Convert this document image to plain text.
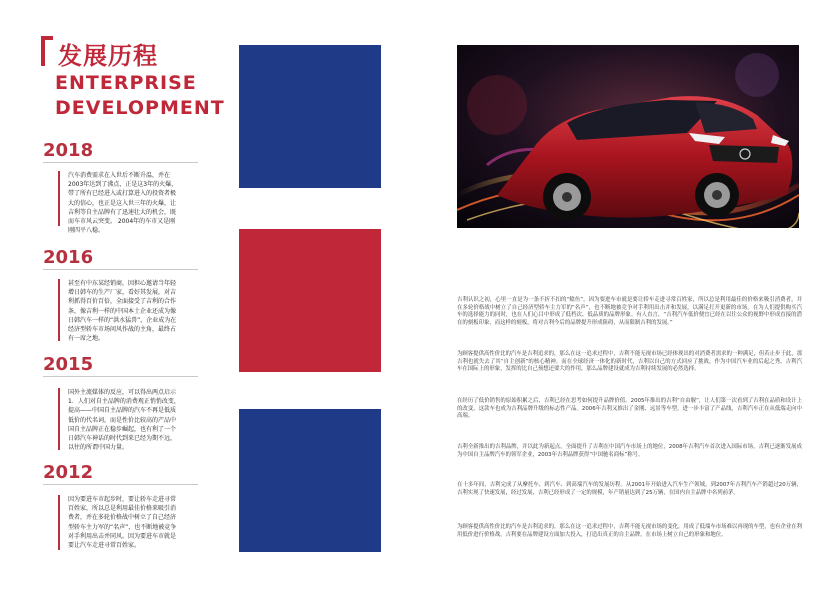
发展历程
ENTERPRISE
DEVELOPMENT
2018
汽车消费需求在入世后不断升温，并在2003年达到了沸点，正是这3年的火爆，带了所有已经进入或打算进入的投资者极大的信心，也正是这入世三年的火爆，让吉利等自主品牌有了迅速壮大的机会，既而车市风云突变。 2004年的车市又是刚刚四平八稳。
2016
甚至有中东某经销商，因担心邀请当年轻增日韩车的生产厂家，看好其发展，对吉利抓得百价百倍，全面接受了吉利的合作条，像吉利一样的中国本土企业还成为像日韩汽车一样的“洪水猛兽”，企业成为在经济型轿车市场问风作战的主角，最终占有一席之地。
2015
国外主流媒体的反应，可以得出两点启示1．人们对自主品牌的消费观正悄悄改变，提高——中国自主品牌的汽车不再是低质低价的代名词，而是性价比较高的产品中国自主品牌正在稳步崛起，也有利了一个日韩汽车神话的时代到来已经为期不远，以往的所谓中国力量。
2012
因为要进车市起步时，要让轿车走进寻常百姓家，所以总是利用最佳价格来吸引消费者，并在多轮价格战中树立了自己经济型轿车主力军的“名声”，也不断地被竞争对手利用出击并同风。因为要进车市就是要让汽车走进寻常百姓家。
吉利认识之初，心里一直是为一条不折不扣的“鲶鱼”，因为要进车市就是要让轿车走进寻常百姓家，所以总是利用最佳的价格来吸引消费者，并在多轮价格战中树立了自己经济型轿车主力军的“名声”，也不断地被竞争对手利用出击并和发展，以满足打开更新的市场。在为人们提供购买汽车的选择能力的同时，也在人们心目中形成了低档次、低品质的品牌形象。有人直言，“吉利汽车低价便宜已经在以往公众的视野中形成直接的潜在的刻板印象，而这样的刻板，将对吉利今后的品牌提升形成阻碍，从而限制吉利的发展。”
为顾客提供高性价比的汽车是吉利追求的，那么在这一追求过程中，吉利不能无视市场已经体现出的对消费者需求的一种满足，但若止步于此，那吉利也就失去了其“自主创新”的核心精神。而在全球经济一体化的新时代，吉利以自己的方式回应了挑战，作为中国汽车业的后起之秀，吉利汽车在国际上的形象，发挥的比自己预想还要大的作用，那么品牌建设就成为吉利持续发展的必然选择。
在经历了低价销售的原始积累之后，吉利已经在思考如何提升品牌价值。2005年推出的吉利“自由舰”，让人们第一次看到了吉利在品质和设计上的改变，这款车也成为吉利品牌升级的标志性产品。2006年吉利又推出了金刚、远景等车型，进一步丰富了产品线，吉利汽车正在从低端走向中高端。
吉利全新推出的吉利品牌，并以此为新起点，全面提升了吉利在中国汽车市场上的地位，2008年吉利汽车首次进入国际市场，吉利已逐渐发展成为中国自主品牌汽车的领军企业，2003年吉利品牌获得“中国驰名商标”称号。
在十多年间，吉利完成了从摩托车、到汽车、到高端汽车的发展历程。从2001年开始进入汽车生产领域，到2007年吉利汽车产销超过20万辆，吉利实现了快速发展，经过发展，吉利已经形成了一定的规模，年产销量达到了25万辆，在国内自主品牌中名列前茅。
为顾客提供高性价比的汽车是吉利追求的，那么在这一追求过程中，吉利不能无视市场的变化，用成了低端车市场难以再现的车型，也有企业在利用低价进行价格战，吉利要在品牌建设方面加大投入，打造出真正的自主品牌，在市场上树立自己的形象和地位。
